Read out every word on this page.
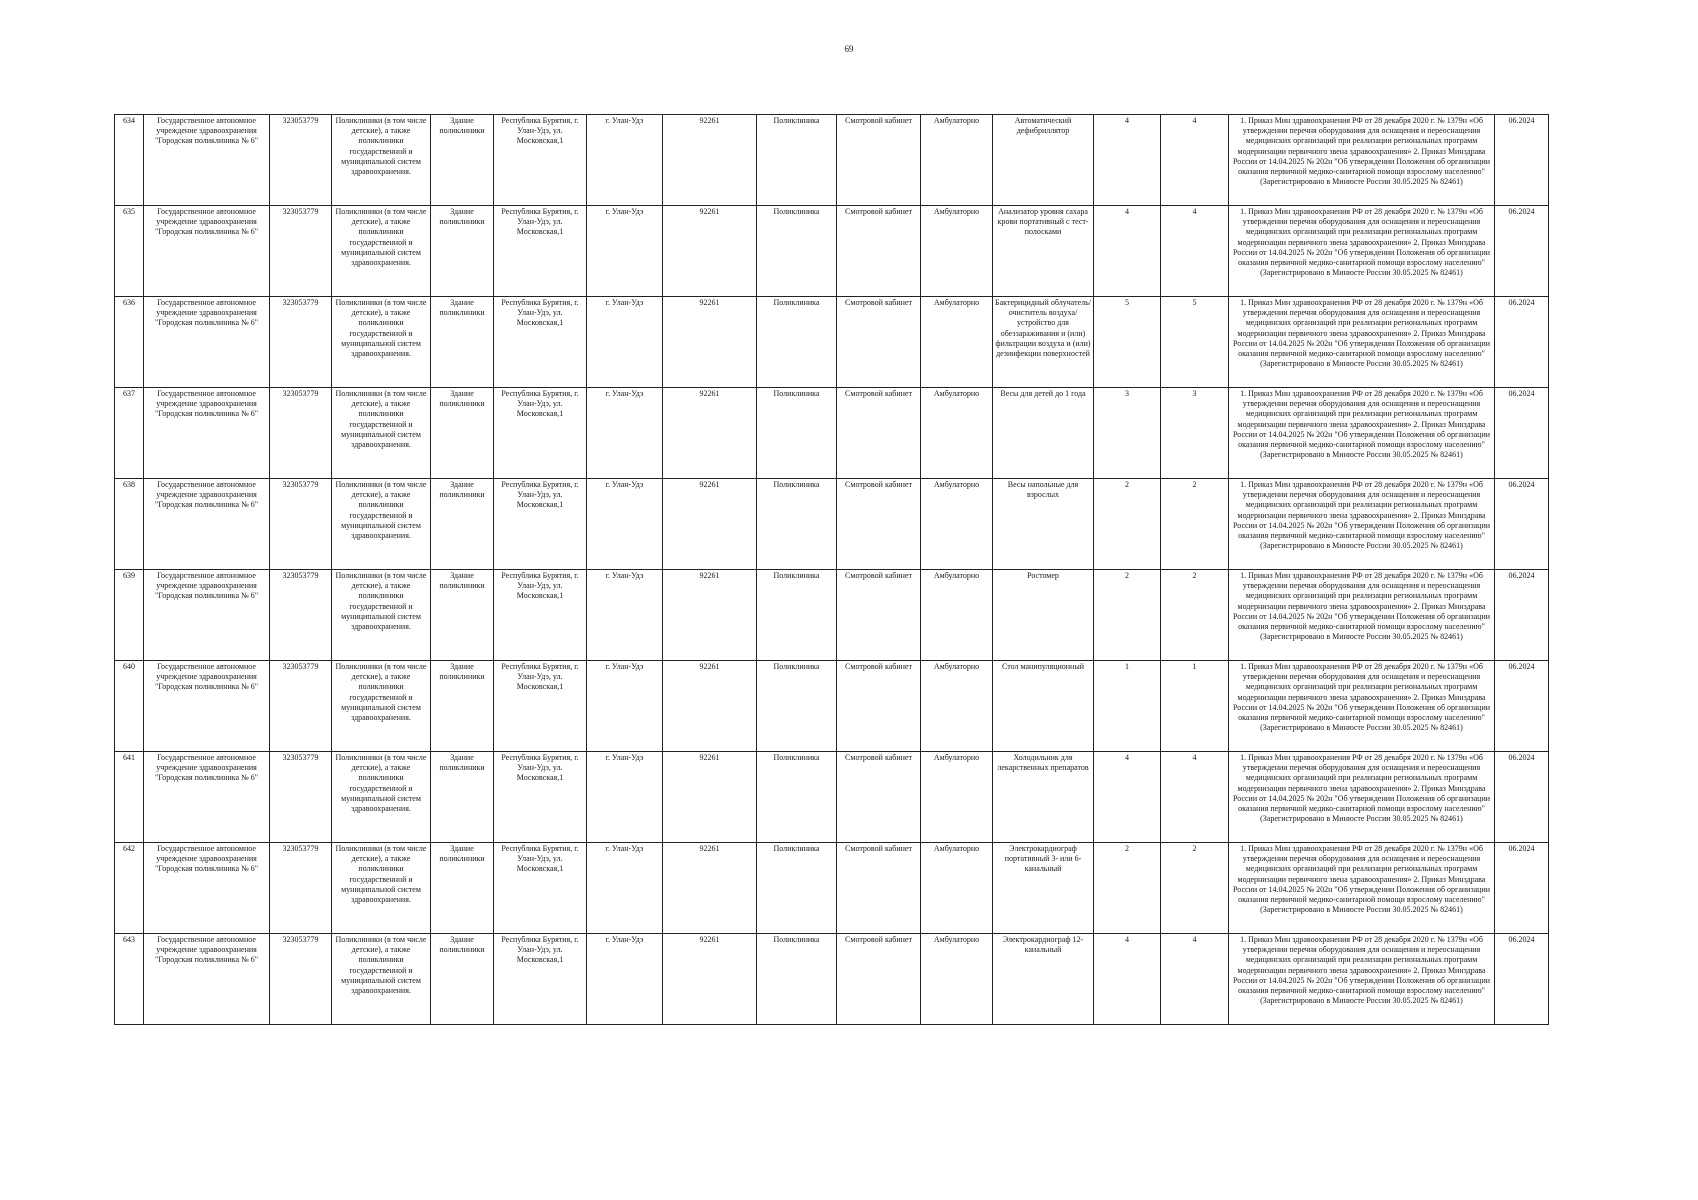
69
634	Государственное автономное учреждение здравоохранения "Городская поликлиника № 6"	323053779	Поликлиники (в том числе детские), а также поликлиники государственной и муниципальной систем здравоохранения.	Здание поликлиники	Республика Бурятия, г. Улан-Удэ, ул. Московская,1	г. Улан-Удэ	92261	Поликлиника	Смотровой кабинет	Амбулаторно	Автоматический дефибриллятор	4	4	1. Приказ Мин здравоохранения РФ от 28 декабря 2020 г. № 1379н «Об утверждении перечня оборудования для оснащения и переоснащения медицинских организаций при реализации региональных программ модернизации первичного звена здравоохранения» 2. Приказ Минздрава России от 14.04.2025 № 202н "Об утверждении Положения об организации оказания первичной медико-санитарной помощи взрослому населению" (Зарегистрировано в Минюсте России 30.05.2025 № 82461)	06.2024
635	Государственное автономное учреждение здравоохранения "Городская поликлиника № 6"	323053779	Поликлиники (в том числе детские), а также поликлиники государственной и муниципальной систем здравоохранения.	Здание поликлиники	Республика Бурятия, г. Улан-Удэ, ул. Московская,1	г. Улан-Удэ	92261	Поликлиника	Смотровой кабинет	Амбулаторно	Анализатор уровня сахара крови портативный с тест-полосками	4	4	1. Приказ Мин здравоохранения РФ от 28 декабря 2020 г. № 1379н «Об утверждении перечня оборудования для оснащения и переоснащения медицинских организаций при реализации региональных программ модернизации первичного звена здравоохранения» 2. Приказ Минздрава России от 14.04.2025 № 202н "Об утверждении Положения об организации оказания первичной медико-санитарной помощи взрослому населению" (Зарегистрировано в Минюсте России 30.05.2025 № 82461)	06.2024
636	Государственное автономное учреждение здравоохранения "Городская поликлиника № 6"	323053779	Поликлиники (в том числе детские), а также поликлиники государственной и муниципальной систем здравоохранения.	Здание поликлиники	Республика Бурятия, г. Улан-Удэ, ул. Московская,1	г. Улан-Удэ	92261	Поликлиника	Смотровой кабинет	Амбулаторно	Бактерицидный облучатель/очиститель воздуха/устройство для обеззараживания и (или) фильтрации воздуха и (или) дезинфекции поверхностей	5	5	1. Приказ Мин здравоохранения РФ от 28 декабря 2020 г. № 1379н «Об утверждении перечня оборудования для оснащения и переоснащения медицинских организаций при реализации региональных программ модернизации первичного звена здравоохранения» 2. Приказ Минздрава России от 14.04.2025 № 202н "Об утверждении Положения об организации оказания первичной медико-санитарной помощи взрослому населению" (Зарегистрировано в Минюсте России 30.05.2025 № 82461)	06.2024
637	Государственное автономное учреждение здравоохранения "Городская поликлиника № 6"	323053779	Поликлиники (в том числе детские), а также поликлиники государственной и муниципальной систем здравоохранения.	Здание поликлиники	Республика Бурятия, г. Улан-Удэ, ул. Московская,1	г. Улан-Удэ	92261	Поликлиника	Смотровой кабинет	Амбулаторно	Весы для детей до 1 года	3	3	1. Приказ Мин здравоохранения РФ от 28 декабря 2020 г. № 1379н «Об утверждении перечня оборудования для оснащения и переоснащения медицинских организаций при реализации региональных программ модернизации первичного звена здравоохранения» 2. Приказ Минздрава России от 14.04.2025 № 202н "Об утверждении Положения об организации оказания первичной медико-санитарной помощи взрослому населению" (Зарегистрировано в Минюсте России 30.05.2025 № 82461)	06.2024
638	Государственное автономное учреждение здравоохранения "Городская поликлиника № 6"	323053779	Поликлиники (в том числе детские), а также поликлиники государственной и муниципальной систем здравоохранения.	Здание поликлиники	Республика Бурятия, г. Улан-Удэ, ул. Московская,1	г. Улан-Удэ	92261	Поликлиника	Смотровой кабинет	Амбулаторно	Весы напольные для взрослых	2	2	1. Приказ Мин здравоохранения РФ от 28 декабря 2020 г. № 1379н «Об утверждении перечня оборудования для оснащения и переоснащения медицинских организаций при реализации региональных программ модернизации первичного звена здравоохранения» 2. Приказ Минздрава России от 14.04.2025 № 202н "Об утверждении Положения об организации оказания первичной медико-санитарной помощи взрослому населению" (Зарегистрировано в Минюсте России 30.05.2025 № 82461)	06.2024
639	Государственное автономное учреждение здравоохранения "Городская поликлиника № 6"	323053779	Поликлиники (в том числе детские), а также поликлиники государственной и муниципальной систем здравоохранения.	Здание поликлиники	Республика Бурятия, г. Улан-Удэ, ул. Московская,1	г. Улан-Удэ	92261	Поликлиника	Смотровой кабинет	Амбулаторно	Ростомер	2	2	1. Приказ Мин здравоохранения РФ от 28 декабря 2020 г. № 1379н «Об утверждении перечня оборудования для оснащения и переоснащения медицинских организаций при реализации региональных программ модернизации первичного звена здравоохранения» 2. Приказ Минздрава России от 14.04.2025 № 202н "Об утверждении Положения об организации оказания первичной медико-санитарной помощи взрослому населению" (Зарегистрировано в Минюсте России 30.05.2025 № 82461)	06.2024
640	Государственное автономное учреждение здравоохранения "Городская поликлиника № 6"	323053779	Поликлиники (в том числе детские), а также поликлиники государственной и муниципальной систем здравоохранения.	Здание поликлиники	Республика Бурятия, г. Улан-Удэ, ул. Московская,1	г. Улан-Удэ	92261	Поликлиника	Смотровой кабинет	Амбулаторно	Стол манипуляционный	1	1	1. Приказ Мин здравоохранения РФ от 28 декабря 2020 г. № 1379н «Об утверждении перечня оборудования для оснащения и переоснащения медицинских организаций при реализации региональных программ модернизации первичного звена здравоохранения» 2. Приказ Минздрава России от 14.04.2025 № 202н "Об утверждении Положения об организации оказания первичной медико-санитарной помощи взрослому населению" (Зарегистрировано в Минюсте России 30.05.2025 № 82461)	06.2024
641	Государственное автономное учреждение здравоохранения "Городская поликлиника № 6"	323053779	Поликлиники (в том числе детские), а также поликлиники государственной и муниципальной систем здравоохранения.	Здание поликлиники	Республика Бурятия, г. Улан-Удэ, ул. Московская,1	г. Улан-Удэ	92261	Поликлиника	Смотровой кабинет	Амбулаторно	Холодильник для лекарственных препаратов	4	4	1. Приказ Мин здравоохранения РФ от 28 декабря 2020 г. № 1379н «Об утверждении перечня оборудования для оснащения и переоснащения медицинских организаций при реализации региональных программ модернизации первичного звена здравоохранения» 2. Приказ Минздрава России от 14.04.2025 № 202н "Об утверждении Положения об организации оказания первичной медико-санитарной помощи взрослому населению" (Зарегистрировано в Минюсте России 30.05.2025 № 82461)	06.2024
642	Государственное автономное учреждение здравоохранения "Городская поликлиника № 6"	323053779	Поликлиники (в том числе детские), а также поликлиники государственной и муниципальной систем здравоохранения.	Здание поликлиники	Республика Бурятия, г. Улан-Удэ, ул. Московская,1	г. Улан-Удэ	92261	Поликлиника	Смотровой кабинет	Амбулаторно	Электрокардиограф портативный 3- или 6-канальный	2	2	1. Приказ Мин здравоохранения РФ от 28 декабря 2020 г. № 1379н «Об утверждении перечня оборудования для оснащения и переоснащения медицинских организаций при реализации региональных программ модернизации первичного звена здравоохранения» 2. Приказ Минздрава России от 14.04.2025 № 202н "Об утверждении Положения об организации оказания первичной медико-санитарной помощи взрослому населению" (Зарегистрировано в Минюсте России 30.05.2025 № 82461)	06.2024
643	Государственное автономное учреждение здравоохранения "Городская поликлиника № 6"	323053779	Поликлиники (в том числе детские), а также поликлиники государственной и муниципальной систем здравоохранения.	Здание поликлиники	Республика Бурятия, г. Улан-Удэ, ул. Московская,1	г. Улан-Удэ	92261	Поликлиника	Смотровой кабинет	Амбулаторно	Электрокардиограф 12-канальный	4	4	1. Приказ Мин здравоохранения РФ от 28 декабря 2020 г. № 1379н «Об утверждении перечня оборудования для оснащения и переоснащения медицинских организаций при реализации региональных программ модернизации первичного звена здравоохранения» 2. Приказ Минздрава России от 14.04.2025 № 202н "Об утверждении Положения об организации оказания первичной медико-санитарной помощи взрослому населению" (Зарегистрировано в Минюсте России 30.05.2025 № 82461)	06.2024
